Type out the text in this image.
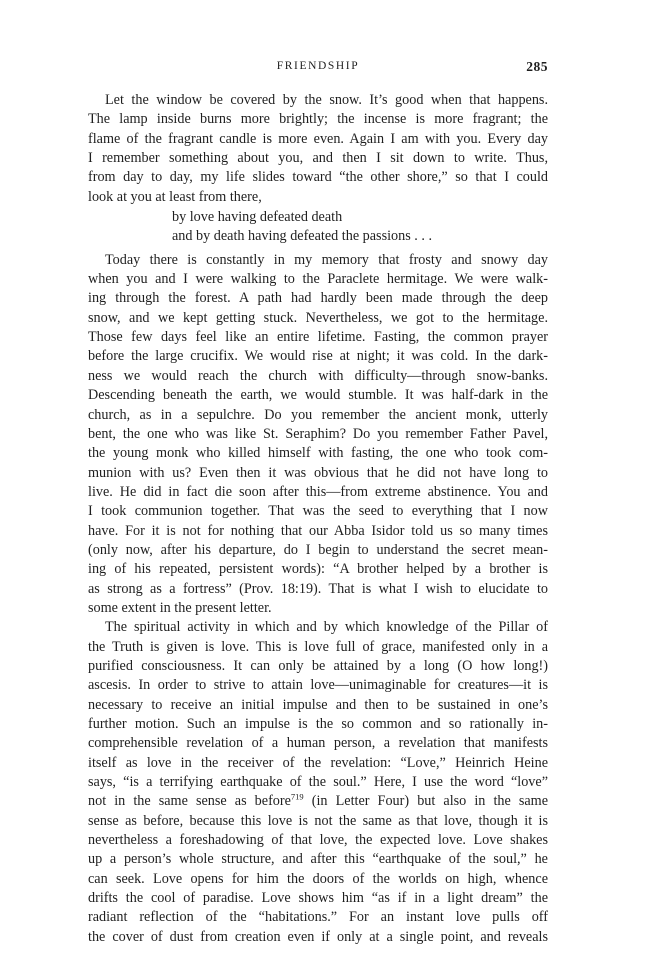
FRIENDSHIP	285
Let the window be covered by the snow. It’s good when that happens.
The lamp inside burns more brightly; the incense is more fragrant; the
flame of the fragrant candle is more even. Again I am with you. Every day
I remember something about you, and then I sit down to write. Thus,
from day to day, my life slides toward “the other shore,” so that I could
look at you at least from there,
by love having defeated death
and by death having defeated the passions . . .
Today there is constantly in my memory that frosty and snowy day
when you and I were walking to the Paraclete hermitage. We were walk-
ing through the forest. A path had hardly been made through the deep
snow, and we kept getting stuck. Nevertheless, we got to the hermitage.
Those few days feel like an entire lifetime. Fasting, the common prayer
before the large crucifix. We would rise at night; it was cold. In the dark-
ness we would reach the church with difficulty—through snow-banks.
Descending beneath the earth, we would stumble. It was half-dark in the
church, as in a sepulchre. Do you remember the ancient monk, utterly
bent, the one who was like St. Seraphim? Do you remember Father Pavel,
the young monk who killed himself with fasting, the one who took com-
munion with us? Even then it was obvious that he did not have long to
live. He did in fact die soon after this—from extreme abstinence. You and
I took communion together. That was the seed to everything that I now
have. For it is not for nothing that our Abba Isidor told us so many times
(only now, after his departure, do I begin to understand the secret mean-
ing of his repeated, persistent words): “A brother helped by a brother is
as strong as a fortress” (Prov. 18:19). That is what I wish to elucidate to
some extent in the present letter.
The spiritual activity in which and by which knowledge of the Pillar of
the Truth is given is love. This is love full of grace, manifested only in a
purified consciousness. It can only be attained by a long (O how long!)
ascesis. In order to strive to attain love—unimaginable for creatures—it is
necessary to receive an initial impulse and then to be sustained in one’s
further motion. Such an impulse is the so common and so rationally in-
comprehensible revelation of a human person, a revelation that manifests
itself as love in the receiver of the revelation: “Love,” Heinrich Heine
says, “is a terrifying earthquake of the soul.” Here, I use the word “love”
not in the same sense as before$^{719}$ (in Letter Four) but also in the same
sense as before, because this love is not the same as that love, though it is
nevertheless a foreshadowing of that love, the expected love. Love shakes
up a person’s whole structure, and after this “earthquake of the soul,” he
can seek. Love opens for him the doors of the worlds on high, whence
drifts the cool of paradise. Love shows him “as if in a light dream” the
radiant reflection of the “habitations.” For an instant love pulls off
the cover of dust from creation even if only at a single point, and reveals
